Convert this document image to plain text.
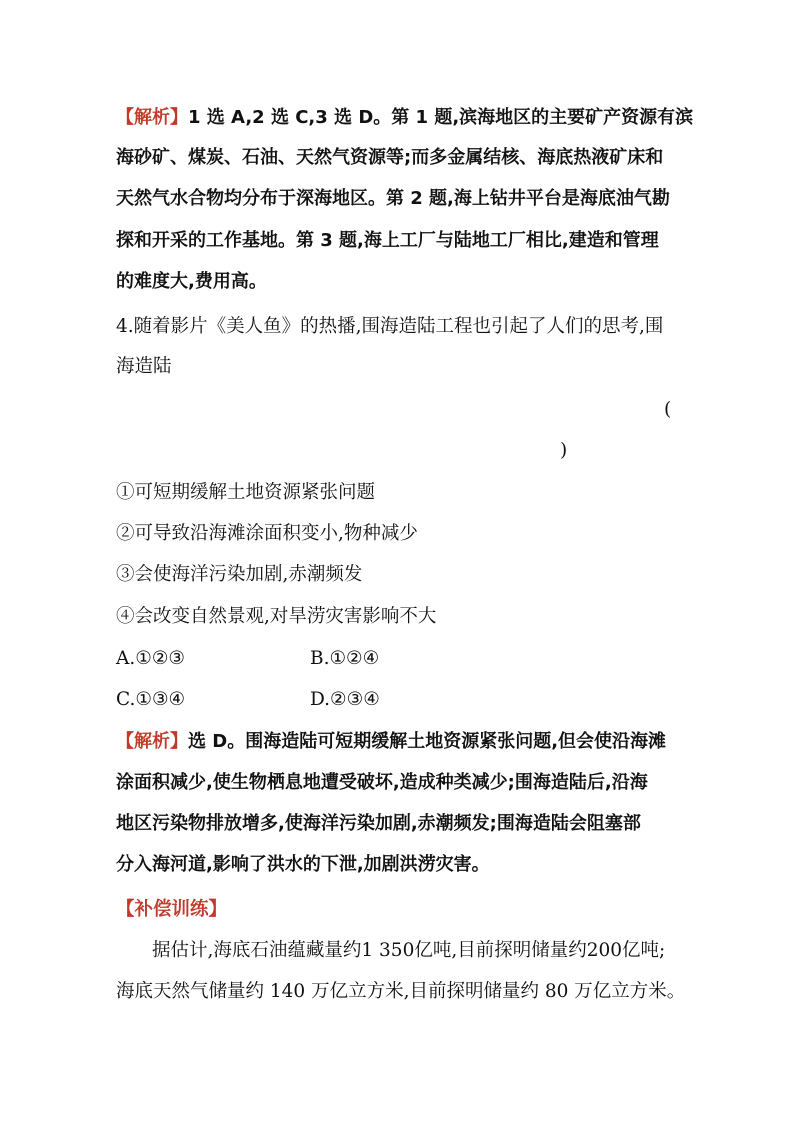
【解析】1 选 A,2 选 C,3 选 D。第 1 题,滨海地区的主要矿产资源有滨
海砂矿、煤炭、石油、天然气资源等;而多金属结核、海底热液矿床和
天然气水合物均分布于深海地区。第 2 题,海上钻井平台是海底油气勘
探和开采的工作基地。第 3 题,海上工厂与陆地工厂相比,建造和管理
的难度大,费用高。
4.随着影片《美人鱼》的热播,围海造陆工程也引起了人们的思考,围
海造陆
(
)
①可短期缓解土地资源紧张问题
②可导致沿海滩涂面积变小,物种减少
③会使海洋污染加剧,赤潮频发
④会改变自然景观,对旱涝灾害影响不大
A.①②③	B.①②④
C.①③④	D.②③④
【解析】选 D。围海造陆可短期缓解土地资源紧张问题,但会使沿海滩
涂面积减少,使生物栖息地遭受破坏,造成种类减少;围海造陆后,沿海
地区污染物排放增多,使海洋污染加剧,赤潮频发;围海造陆会阻塞部
分入海河道,影响了洪水的下泄,加剧洪涝灾害。
【补偿训练】
据估计,海底石油蕴藏量约1 350亿吨,目前探明储量约200亿吨;
海底天然气储量约 140 万亿立方米,目前探明储量约 80 万亿立方米。
